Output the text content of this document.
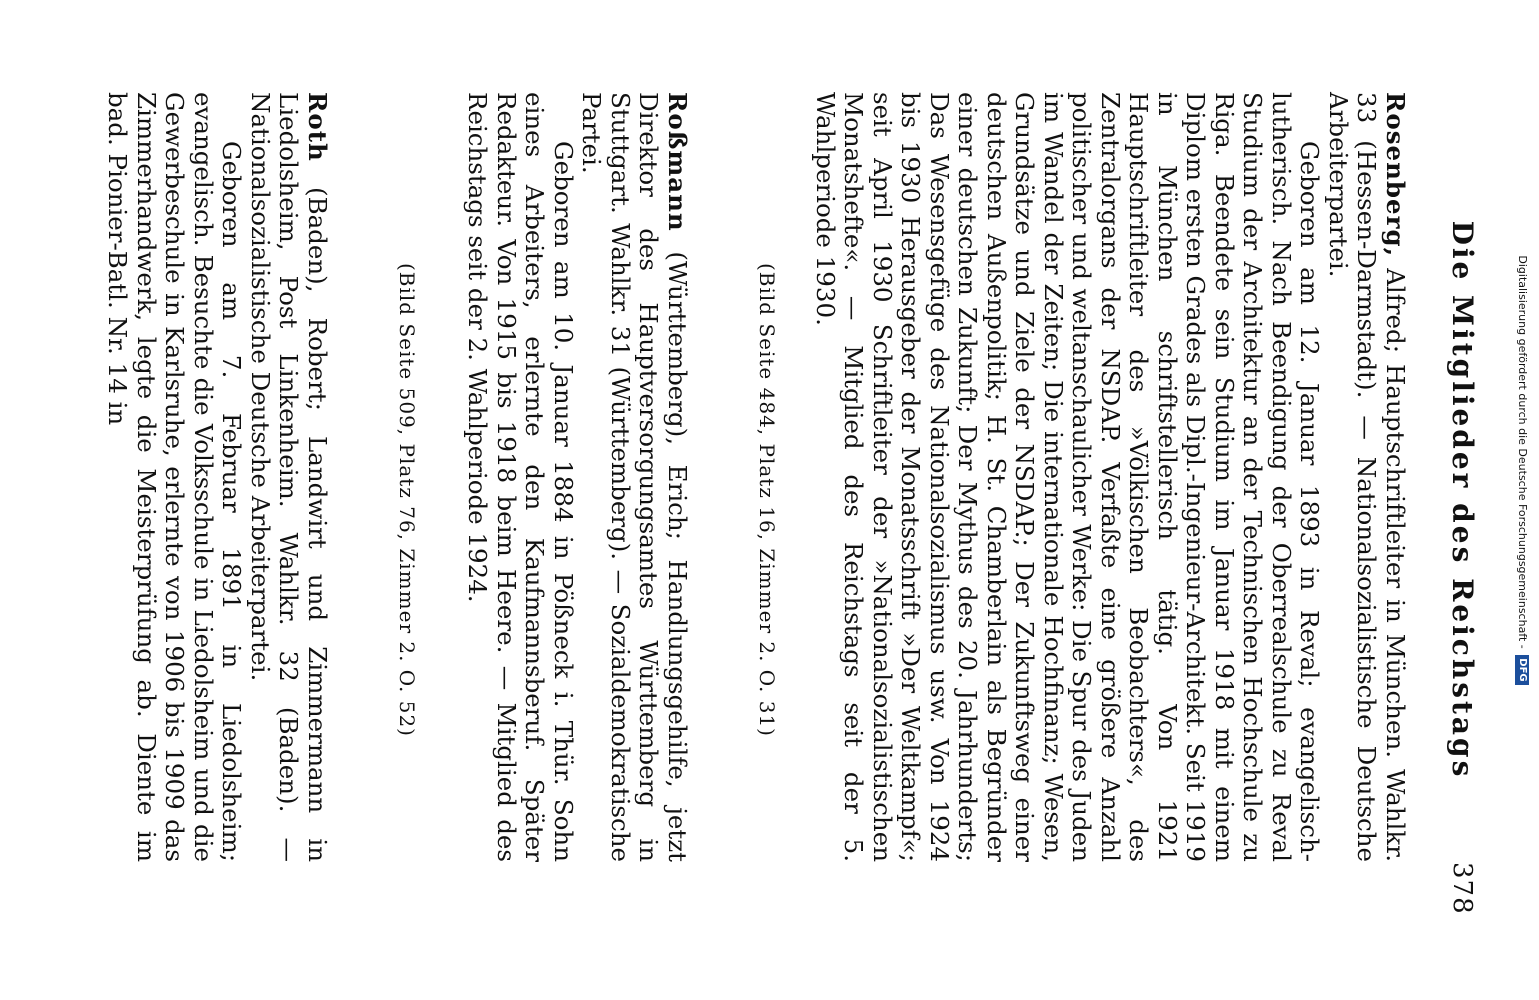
Digitalisierung gefördert durch die Deutsche Forschungsgemeinschaft - DFG
378
Die Mitglieder des Reichstags

Rosenberg, Alfred; Hauptschriftleiter in München. Wahlkr. 33 (Hessen-Darmstadt). — Nationalsozialistische Deutsche Arbeiterpartei.

Geboren am 12. Januar 1893 in Reval; evangelisch-lutherisch. Nach Beendigung der Oberrealschule zu Reval Studium der Architektur an der Technischen Hochschule zu Riga. Beendete sein Studium im Januar 1918 mit einem Diplom ersten Grades als Dipl.-Ingenieur-Architekt. Seit 1919 in München schriftstellerisch tätig. Von 1921 Hauptschriftleiter des »Völkischen Beobachters«, des Zentralorgans der NSDAP. Verfaßte eine größere Anzahl politischer und weltanschaulicher Werke: Die Spur des Juden im Wandel der Zeiten; Die internationale Hochfinanz; Wesen, Grundsätze und Ziele der NSDAP.; Der Zukunftsweg einer deutschen Außenpolitik; H. St. Chamberlain als Begründer einer deutschen Zukunft; Der Mythus des 20. Jahrhunderts; Das Wesensgefüge des Nationalsozialismus usw. Von 1924 bis 1930 Herausgeber der Monatsschrift »Der Weltkampf«; seit April 1930 Schriftleiter der »Nationalsozialistischen Monatshefte«. — Mitglied des Reichstags seit der 5. Wahlperiode 1930.

(Bild Seite 484, Platz 16, Zimmer 2. O. 31)

Roßmann (Württemberg), Erich; Handlungsgehilfe, jetzt Direktor des Hauptversorgungsamtes Württemberg in Stuttgart. Wahlkr. 31 (Württemberg). — Sozialdemokratische Partei.

Geboren am 10. Januar 1884 in Pößneck i. Thür. Sohn eines Arbeiters, erlernte den Kaufmannsberuf. Später Redakteur. Von 1915 bis 1918 beim Heere. — Mitglied des Reichstags seit der 2. Wahlperiode 1924.

(Bild Seite 509, Platz 76, Zimmer 2. O. 52)

Roth (Baden), Robert; Landwirt und Zimmermann in Liedolsheim, Post Linkenheim. Wahlkr. 32 (Baden). — Nationalsozialistische Deutsche Arbeiterpartei.

Geboren am 7. Februar 1891 in Liedolsheim; evangelisch. Besuchte die Volksschule in Liedolsheim und die Gewerbeschule in Karlsruhe, erlernte von 1906 bis 1909 das Zimmerhandwerk, legte die Meisterprüfung ab. Diente im bad. Pionier-Batl. Nr. 14 in
